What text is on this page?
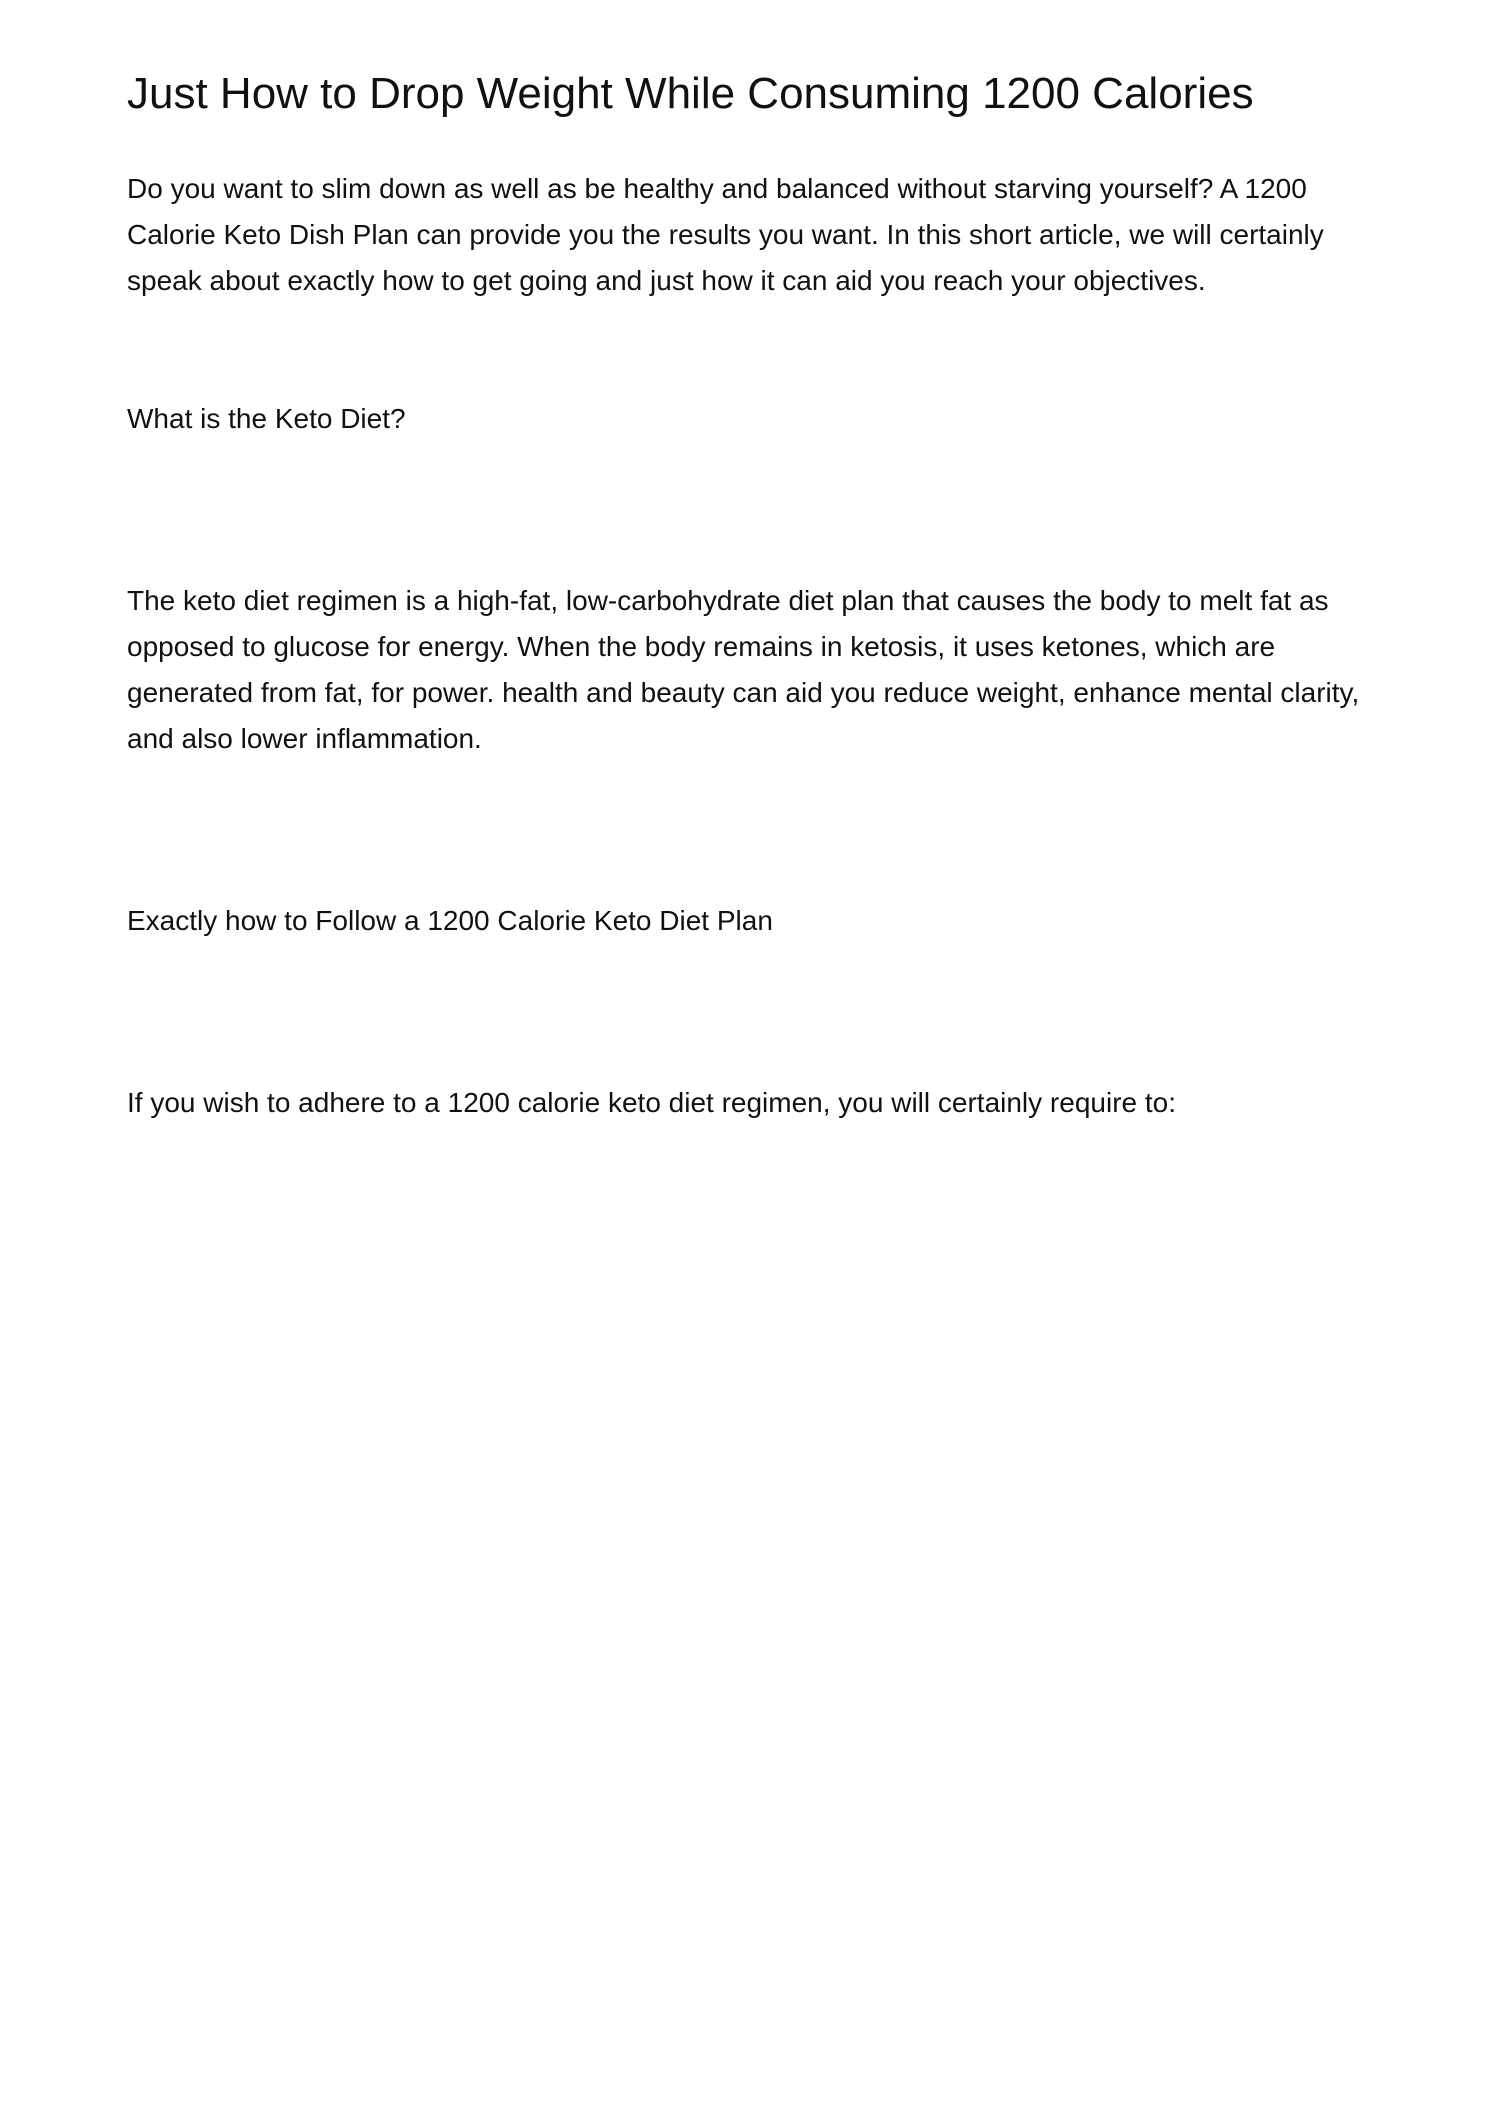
Just How to Drop Weight While Consuming 1200 Calories

Do you want to slim down as well as be healthy and balanced without starving yourself? A 1200 Calorie Keto Dish Plan can provide you the results you want. In this short article, we will certainly speak about exactly how to get going and just how it can aid you reach your objectives.

What is the Keto Diet?

The keto diet regimen is a high-fat, low-carbohydrate diet plan that causes the body to melt fat as opposed to glucose for energy. When the body remains in ketosis, it uses ketones, which are generated from fat, for power. health and beauty can aid you reduce weight, enhance mental clarity, and also lower inflammation.

Exactly how to Follow a 1200 Calorie Keto Diet Plan

If you wish to adhere to a 1200 calorie keto diet regimen, you will certainly require to:
